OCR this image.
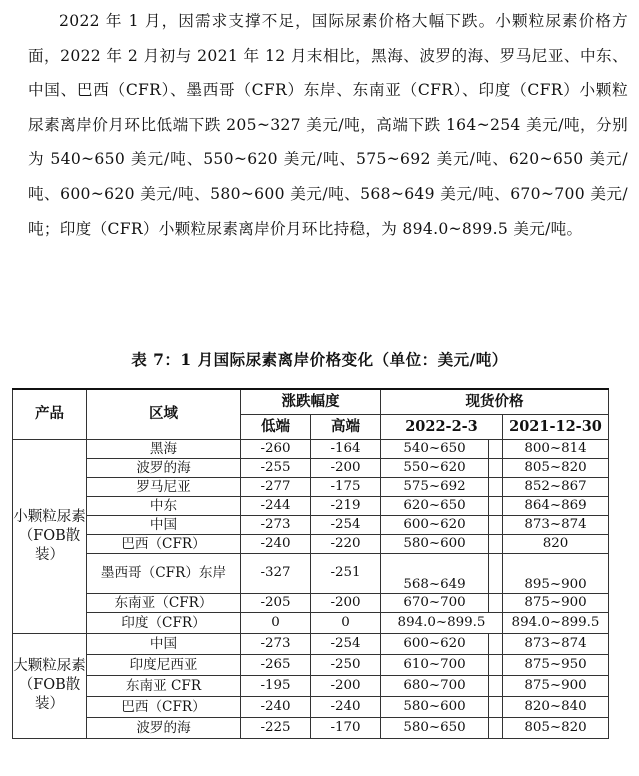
2022 年 1 月，因需求支撑不足，国际尿素价格大幅下跌。小颗粒尿素价格方面，2022 年 2 月初与 2021 年 12 月末相比，黑海、波罗的海、罗马尼亚、中东、中国、巴西（CFR）、墨西哥（CFR）东岸、东南亚（CFR）、印度（CFR）小颗粒尿素离岸价月环比低端下跌 205~327 美元/吨，高端下跌 164~254 美元/吨，分别为 540~650 美元/吨、550~620 美元/吨、575~692 美元/吨、620~650 美元/吨、600~620 美元/吨、580~600 美元/吨、568~649 美元/吨、670~700 美元/吨；印度（CFR）小颗粒尿素离岸价月环比持稳，为 894.0~899.5 美元/吨。
表 7：1 月国际尿素离岸价格变化（单位：美元/吨）
产品	区域	涨跌幅度		现货价格		
		低端	高端	2022-2-3		2021-12-30
小颗粒尿素（FOB散装）	黑海	-260	-164	540~650		800~814
	波罗的海	-255	-200	550~620		805~820
	罗马尼亚	-277	-175	575~692		852~867
	中东	-244	-219	620~650		864~869
	中国	-273	-254	600~620		873~874
	巴西（CFR）	-240	-220	580~600		820
	墨西哥（CFR）东岸	-327	-251	568~649		895~900
	东南亚（CFR）	-205	-200	670~700		875~900
	印度（CFR）	0	0	894.0~899.5		894.0~899.5
大颗粒尿素（FOB散装）	中国	-273	-254	600~620		873~874
	印度尼西亚	-265	-250	610~700		875~950
	东南亚 CFR	-195	-200	680~700		875~900
	巴西（CFR）	-240	-240	580~600		820~840
	波罗的海	-225	-170	580~650		805~820
